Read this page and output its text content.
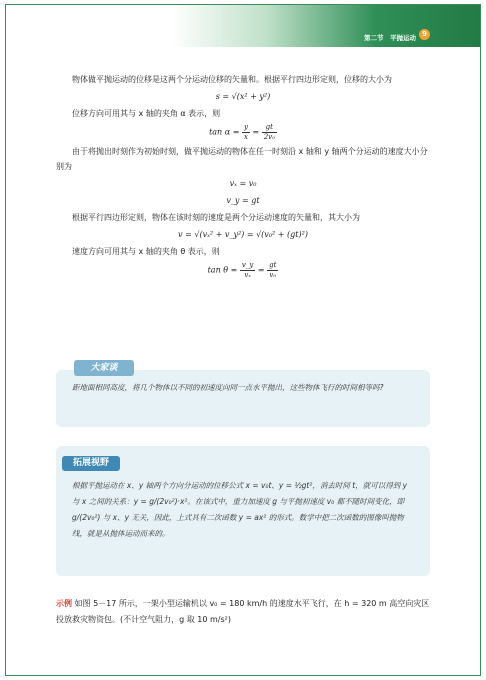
第二节　平抛运动 9

物体做平抛运动的位移是这两个分运动位移的矢量和。根据平行四边形定则，位移的大小为

s = √(x² + y²)

位移方向可用其与 x 轴的夹角 α 表示，则

$\tan \alpha = \frac{y}{x} = \frac{gt}{\text{2v₀}}$

由于将抛出时刻作为初始时刻，做平抛运动的物体在任一时刻沿 x 轴和 y 轴两个分运动的速度大小分别为

vₓ = v₀
v_y = gt

根据平行四边形定则，物体在该时刻的速度是两个分运动速度的矢量和，其大小为

v = √(vₓ² + v_y²) = √(v₀² + (gt)²)

速度方向可用其与 x 轴的夹角 θ 表示，则

$\tan \theta = \frac{v\_y}{\text{vₓ}} = \frac{gt}{\text{v₀}}$
大家谈
距地面相同高度，将几个物体以不同的初速度向同一点水平抛出，这些物体飞行的时间相等吗?
拓展视野
根据平抛运动在 x、y 轴两个方向分运动的位移公式 x = v₀t、y = ½gt²，消去时间 t，就可以得到 y 与 x 之间的关系：y = g/(2v₀²)·x²。在该式中，重力加速度 g 与平抛初速度 v₀ 都不随时间变化，即 g/(2v₀²) 与 x、y 无关，因此，上式具有二次函数 y = ax² 的形式。数学中把二次函数的图像叫抛物线，就是从抛体运动而来的。
示例 如图 5－17 所示，一架小型运输机以 v₀ = 180 km/h 的速度水平飞行，在 h = 320 m 高空向灾区投放救灾物资包。(不计空气阻力，g 取 10 m/s²)
